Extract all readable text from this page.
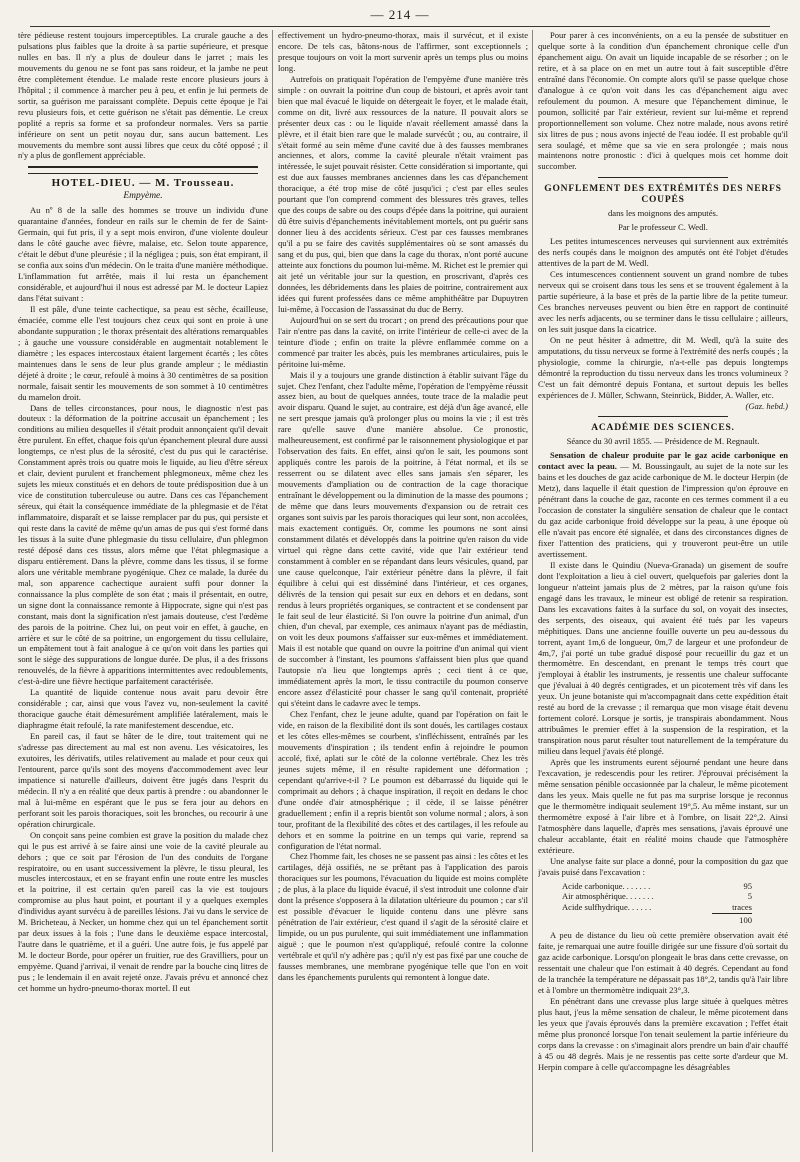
— 214 —

tère pédieuse restent toujours imperceptibles. La crurale gauche a des pulsations plus faibles que la droite à sa partie supérieure, et presque nulles en bas. Il n'y a plus de douleur dans le jarret ; mais les mouvements du genou ne se font pas sans roideur, et la jambe ne peut être complètement étendue. Le malade reste encore plusieurs jours à l'hôpital ; il commence à marcher peu à peu, et enfin je lui permets de sortir, sa guérison me paraissant complète. Depuis cette époque je l'ai revu plusieurs fois, et cette guérison ne s'était pas démentie. Le creux poplité a repris sa forme et sa profondeur normales. Vers sa partie inférieure on sent un petit noyau dur, sans aucun battement. Les mouvements du membre sont aussi libres que ceux du côté opposé ; il n'y a plus de gonflement appréciable.

HOTEL-DIEU. — M. Trousseau.
Empyème.

Au nº 8 de la salle des hommes se trouve un individu d'une quarantaine d'années, fondeur en rails sur le chemin de fer de Saint-Germain, qui fut pris, il y a sept mois environ, d'une violente douleur dans le côté gauche avec fièvre, malaise, etc. Selon toute apparence, c'était le début d'une pleurésie ; il la négligea ; puis, son état empirant, il se confia aux soins d'un médecin. On le traita d'une manière méthodique. L'inflammation fut arrêtée, mais il lui resta un épanchement considérable, et aujourd'hui il nous est adressé par M. le docteur Lapiez dans l'état suivant :

Il est pâle, d'une teinte cachectique, sa peau est sèche, écailleuse, émaciée, comme elle l'est toujours chez ceux qui sont en proie à une abondante suppuration ; le thorax présentait des altérations remarquables ; à gauche une voussure considérable en augmentait notablement le diamètre ; les espaces intercostaux étaient largement écartés ; les côtes maintenues dans le sens de leur plus grande ampleur ; le médiastin déjeté à droite ; le cœur, refoulé à moins à 30 centimètres de sa position normale, faisait sentir les mouvements de son sommet à 10 centimètres du mamelon droit.

Dans de telles circonstances, pour nous, le diagnostic n'est pas douteux : la déformation de la poitrine accusait un épanchement ; les conditions au milieu desquelles il s'était produit annonçaient qu'il devait être purulent. En effet, chaque fois qu'un épanchement pleural dure aussi longtemps, ce n'est plus de la sérosité, c'est du pus qui le caractérise. Constamment après trois ou quatre mois le liquide, au lieu d'être séreux et clair, devient purulent et franchement phlegmoneux, même chez les sujets les mieux constitués et en dehors de toute prédisposition due à un vice de constitution tuberculeuse ou autre. Dans ces cas l'épanchement séreux, qui était la conséquence immédiate de la phlegmasie et de l'état inflammatoire, disparaît et se laisse remplacer par du pus, qui persiste et qui reste dans la cavité de même qu'un amas de pus qui s'est formé dans les tissus à la suite d'une phlegmasie du tissu cellulaire, d'un phlegmon resté déposé dans ces tissus, alors même que l'état phlegmasique a disparu entièrement. Dans la plèvre, comme dans les tissus, il se forme alors une véritable membrane pyogénique. Chez ce malade, la durée du mal, son apparence cachectique auraient suffi pour donner la connaissance la plus complète de son état ; mais il présentait, en outre, un signe dont la connaissance remonte à Hippocrate, signe qui n'est pas constant, mais dont la signification n'est jamais douteuse, c'est l'œdème des parois de la poitrine. Chez lui, on peut voir en effet, à gauche, en arrière et sur le côté de sa poitrine, un engorgement du tissu cellulaire, un empâtement tout à fait analogue à ce qu'on voit dans les parties qui sont le siège des suppurations de longue durée. De plus, il a des frissons renouvelés, de la fièvre à apparitions intermittentes avec redoublements, c'est-à-dire une fièvre hectique parfaitement caractérisée.

La quantité de liquide contenue nous avait paru devoir être considérable ; car, ainsi que vous l'avez vu, non-seulement la cavité thoracique gauche était démesurément amplifiée latéralement, mais le diaphragme était refoulé, la rate manifestement descendue, etc.

En pareil cas, il faut se hâter de le dire, tout traitement qui ne s'adresse pas directement au mal est non avenu. Les vésicatoires, les exutoires, les dérivatifs, utiles relativement au malade et pour ceux qui l'entourent, parce qu'ils sont des moyens d'accommodement avec leur impatience si naturelle d'ailleurs, doivent être jugés dans l'esprit du médecin. Il n'y a en réalité que deux partis à prendre : ou abandonner le mal à lui-même en espérant que le pus se fera jour au dehors en perforant soit les parois thoraciques, soit les bronches, ou recourir à une opération chirurgicale.

On conçoit sans peine combien est grave la position du malade chez qui le pus est arrivé à se faire ainsi une voie de la cavité pleurale au dehors ; que ce soit par l'érosion de l'un des conduits de l'organe respiratoire, ou en usant successivement la plèvre, le tissu pleural, les muscles intercostaux, et en se frayant enfin une route entre les muscles et la poitrine, il est certain qu'en pareil cas la vie est toujours compromise au plus haut point, et pourtant il y a quelques exemples d'individus ayant survécu à de pareilles lésions. J'ai vu dans le service de M. Bricheteau, à Necker, un homme chez qui un tel épanchement sortit par deux issues à la fois ; l'une dans le deuxième espace intercostal, l'autre dans le quatrième, et il a guéri. Une autre fois, je fus appelé par M. le docteur Borde, pour opérer un fruitier, rue des Gravilliers, pour un empyème. Quand j'arrivai, il venait de rendre par la bouche cinq litres de pus ; le lendemain il en avait rejeté onze. J'avais prévu et annoncé chez cet homme un hydro-pneumo-thorax mortel. Il eut

effectivement un hydro-pneumo-thorax, mais il survécut, et il existe encore. De tels cas, bâtons-nous de l'affirmer, sont exceptionnels ; presque toujours on voit la mort survenir après un temps plus ou moins long.

Autrefois on pratiquait l'opération de l'empyème d'une manière très simple : on ouvrait la poitrine d'un coup de bistouri, et après avoir tant bien que mal évacué le liquide on détergeait le foyer, et le malade était, comme on dit, livré aux ressources de la nature. Il pouvait alors se présenter deux cas : ou le liquide n'avait réellement amassé dans la plèvre, et il était bien rare que le malade survécût ; ou, au contraire, il s'était formé au sein même d'une cavité due à des fausses membranes anciennes, et alors, comme la cavité pleurale n'était vraiment pas intéressée, le sujet pouvait résister. Cette considération si importante, qui est due aux fausses membranes anciennes dans les cas d'épanchement thoracique, a été trop mise de côté jusqu'ici ; c'est par elles seules pourtant que l'on comprend comment des blessures très graves, telles que des coups de sabre ou des coups d'épée dans la poitrine, qui auraient dû être suivis d'épanchements inévitablement mortels, ont pu guérir sans donner lieu à des accidents sérieux. C'est par ces fausses membranes qu'il a pu se faire des cavités supplémentaires où se sont amassés du sang et du pus, qui, bien que dans la cage du thorax, n'ont porté aucune atteinte aux fonctions du poumon lui-même. M. Richet est le premier qui ait jeté un véritable jour sur la question, en proscrivant, d'après ces données, les débridements dans les plaies de poitrine, contrairement aux idées qui furent professées dans ce même amphithéâtre par Dupuytren lui-même, à l'occasion de l'assassinat du duc de Berry.

Aujourd'hui on se sert du trocart ; on prend des précautions pour que l'air n'entre pas dans la cavité, on irrite l'intérieur de celle-ci avec de la teinture d'iode ; enfin on traite la plèvre enflammée comme on a commencé par traiter les abcès, puis les membranes articulaires, puis le péritoine lui-même.

Mais il y a toujours une grande distinction à établir suivant l'âge du sujet. Chez l'enfant, chez l'adulte même, l'opération de l'empyème réussit assez bien, au bout de quelques années, toute trace de la maladie peut avoir disparu. Quand le sujet, au contraire, est déjà d'un âge avancé, elle ne sert presque jamais qu'à prolonger plus ou moins la vie ; il est très rare qu'elle sauve d'une manière absolue. Ce pronostic, malheureusement, est confirmé par le raisonnement physiologique et par l'observation des faits. En effet, ainsi qu'on le sait, les poumons sont appliqués contre les parois de la poitrine, à l'état normal, et ils se resserrent ou se dilatent avec elles sans jamais s'en séparer, les mouvements d'ampliation ou de contraction de la cage thoracique entraînant le développement ou la diminution de la masse des poumons ; de même que dans leurs mouvements d'expansion ou de retrait ces organes sont suivis par les parois thoraciques qui leur sont, non accolées, mais exactement contiguës. Or, comme les poumons ne sont ainsi constamment dilatés et développés dans la poitrine qu'en raison du vide virtuel qui règne dans cette cavité, vide que l'air extérieur tend constamment à combler en se répandant dans leurs vésicules, quand, par une cause quelconque, l'air extérieur pénètre dans la plèvre, il fait équilibre à celui qui est disséminé dans l'intérieur, et ces organes, délivrés de la tension qui pesait sur eux en dehors et en dedans, sont rendus à leurs propriétés organiques, se contractent et se condensent par le fait seul de leur élasticité. Si l'on ouvre la poitrine d'un animal, d'un chien, d'un cheval, par exemple, ces animaux n'ayant pas de médiastin, on voit les deux poumons s'affaisser sur eux-mêmes et immédiatement. Mais il est notable que quand on ouvre la poitrine d'un animal qui vient de succomber à l'instant, les poumons s'affaissent bien plus que quand l'autopsie n'a lieu que longtemps après ; ceci tient à ce que, immédiatement après la mort, le tissu contractile du poumon conserve encore assez d'élasticité pour chasser le sang qu'il contenait, propriété qui s'éteint dans le cadavre avec le temps.

Chez l'enfant, chez le jeune adulte, quand par l'opération on fait le vide, en raison de la flexibilité dont ils sont doués, les cartilages costaux et les côtes elles-mêmes se courbent, s'infléchissent, entraînés par les mouvements d'inspiration ; ils tendent enfin à rejoindre le poumon accolé, fixé, aplati sur le côté de la colonne vertébrale. Chez les très jeunes sujets même, il en résulte rapidement une déformation ; cependant qu'arrive-t-il ? Le poumon est débarrassé du liquide qui le comprimait au dehors ; à chaque inspiration, il reçoit en dedans le choc d'une ondée d'air atmosphérique ; il cède, il se laisse pénétrer graduellement ; enfin il a repris bientôt son volume normal ; alors, à son tour, profitant de la flexibilité des côtes et des cartilages, il les refoule au dehors et en somme la poitrine en un temps qui varie, reprend sa configuration de l'état normal.

Chez l'homme fait, les choses ne se passent pas ainsi : les côtes et les cartilages, déjà ossifiés, ne se prêtant pas à l'application des parois thoraciques sur les poumons, l'évacuation du liquide est moins complète ; de plus, à la place du liquide évacué, il s'est introduit une colonne d'air dont la présence s'opposera à la dilatation ultérieure du poumon ; car s'il est possible d'évacuer le liquide contenu dans une plèvre sans pénétration de l'air extérieur, c'est quand il s'agit de la sérosité claire et limpide, ou un pus purulente, qui suit immédiatement une inflammation aiguë ; que le poumon n'est qu'appliqué, refoulé contre la colonne vertébrale et qu'il n'y adhère pas ; qu'il n'y est pas fixé par une couche de fausses membranes, une membrane pyogénique telle que l'on en voit dans les épanchements purulents qui remontent à longue date.

Pour parer à ces inconvénients, on a eu la pensée de substituer en quelque sorte à la condition d'un épanchement chronique celle d'un épanchement aigu. On avait un liquide incapable de se résorber ; on le retire, et à sa place on en met un autre tout à fait susceptible d'être entraîné dans l'économie. On compte alors qu'il se passe quelque chose d'analogue à ce qu'on voit dans les cas d'épanchement aigu avec refoulement du poumon. A mesure que l'épanchement diminue, le poumon, sollicité par l'air extérieur, revient sur lui-même et reprend proportionnellement son volume. Chez notre malade, nous avons retiré six litres de pus ; nous avons injecté de l'eau iodée. Il est probable qu'il sera soulagé, et même que sa vie en sera prolongée ; mais nous maintenons notre pronostic : d'ici à quelques mois cet homme doit succomber.

GONFLEMENT DES EXTRÉMITÉS DES NERFS COUPÉS
dans les moignons des amputés.
Par le professeur C. Wedl.

Les petites intumescences nerveuses qui surviennent aux extrémités des nerfs coupés dans le moignon des amputés ont été l'objet d'études attentives de la part de M. Wedl.

Ces intumescences contiennent souvent un grand nombre de tubes nerveux qui se croisent dans tous les sens et se trouvent également à la partie supérieure, à la base et près de la partie libre de la petite tumeur. Ces branches nerveuses peuvent ou bien être en rapport de continuité avec les nerfs adjacents, ou se terminer dans le tissu cellulaire ; ailleurs, on les suit jusque dans la cicatrice.

On ne peut hésiter à admettre, dit M. Wedl, qu'à la suite des amputations, du tissu nerveux se forme à l'extrémité des nerfs coupés ; la physiologie, comme la chirurgie, n'a-t-elle pas depuis longtemps démontré la reproduction du tissu nerveux dans les troncs volumineux ? C'est un fait démontré depuis Fontana, et surtout depuis les belles expériences de J. Müller, Schwann, Steinrück, Bidder, A. Waller, etc.

(Gaz. hebd.)
ACADÉMIE DES SCIENCES.
Séance du 30 avril 1855. — Présidence de M. Regnault.

Sensation de chaleur produite par le gaz acide carbonique en contact avec la peau. — M. Boussingault, au sujet de la note sur les bains et les douches de gaz acide carbonique de M. le docteur Herpin (de Metz), dans laquelle il était question de l'impression qu'on éprouve en pénétrant dans la couche de gaz, raconte en ces termes comment il a eu l'occasion de constater la singulière sensation de chaleur que le contact du gaz acide carbonique froid développe sur la peau, à une époque où elle n'avait pas encore été signalée, et dans des circonstances dignes de fixer l'attention des praticiens, qui y trouveront peut-être un utile avertissement.

Il existe dans le Quindiu (Nueva-Granada) un gisement de soufre dont l'exploitation a lieu à ciel ouvert, quelquefois par galeries dont la longueur n'atteint jamais plus de 2 mètres, par la raison qu'une fois engagé dans les travaux, le mineur est obligé de retenir sa respiration. Dans les excavations faites à la surface du sol, on voyait des insectes, des serpents, des oiseaux, qui avaient été tués par les vapeurs méphitiques. Dans une ancienne fouille ouverte un peu au-dessous du torrent, ayant 1m,6 de longueur, 0m,7 de largeur et une profondeur de 4m,7, j'ai porté un tube gradué disposé pour recueillir du gaz et un thermomètre. En descendant, en prenant le temps très court que j'employai à établir les instruments, je ressentis une chaleur suffocante que j'évaluai à 40 degrés centigrades, et un picotement très vif dans les yeux. Un jeune botaniste qui m'accompagnait dans cette expédition était resté au bord de la crevasse ; il remarqua que mon visage était devenu fortement coloré. Lorsque je sortis, je transpirais abondamment. Nous attribuâmes le premier effet à la suspension de la respiration, et la transpiration nous parut résulter tout naturellement de la température du milieu dans lequel j'avais été plongé.

Après que les instruments eurent séjourné pendant une heure dans l'excavation, je redescendis pour les retirer. J'éprouvai précisément la même sensation pénible occasionnée par la chaleur, le même picotement dans les yeux. Mais quelle ne fut pas ma surprise lorsque je reconnus que le thermomètre indiquait seulement 19°,5. Au même instant, sur un thermomètre exposé à l'air libre et à l'ombre, on lisait 22°,2. Ainsi l'atmosphère dans laquelle, d'après mes sensations, j'avais éprouvé une chaleur accablante, était en réalité moins chaude que l'atmosphère extérieure.

Une analyse faite sur place a donné, pour la composition du gaz que j'avais puisé dans l'excavation :

Acide carbonique. . . . . . .	95
Air atmosphérique. . . . . . .	5
Acide sulfhydrique. . . . . .	traces
100

A peu de distance du lieu où cette première observation avait été faite, je remarquai une autre fouille dirigée sur une fissure d'où sortait du gaz acide carbonique. Lorsqu'on plongeait le bras dans cette crevasse, on ressentait une chaleur que l'on estimait à 40 degrés. Cependant au fond de la tranchée la température ne dépassait pas 18°,2, tandis qu'à l'air libre et à l'ombre un thermomètre indiquait 23°,3.

En pénétrant dans une crevasse plus large située à quelques mètres plus haut, j'eus la même sensation de chaleur, le même picotement dans les yeux que j'avais éprouvés dans la première excavation ; l'effet était même plus prononcé lorsque l'on tenait seulement la partie inférieure du corps dans la crevasse : on s'imaginait alors prendre un bain d'air chauffé à 45 ou 48 degrés. Mais je ne ressentis pas cette sorte d'ardeur que M. Herpin compare à celle qu'accompagne les désagréables
